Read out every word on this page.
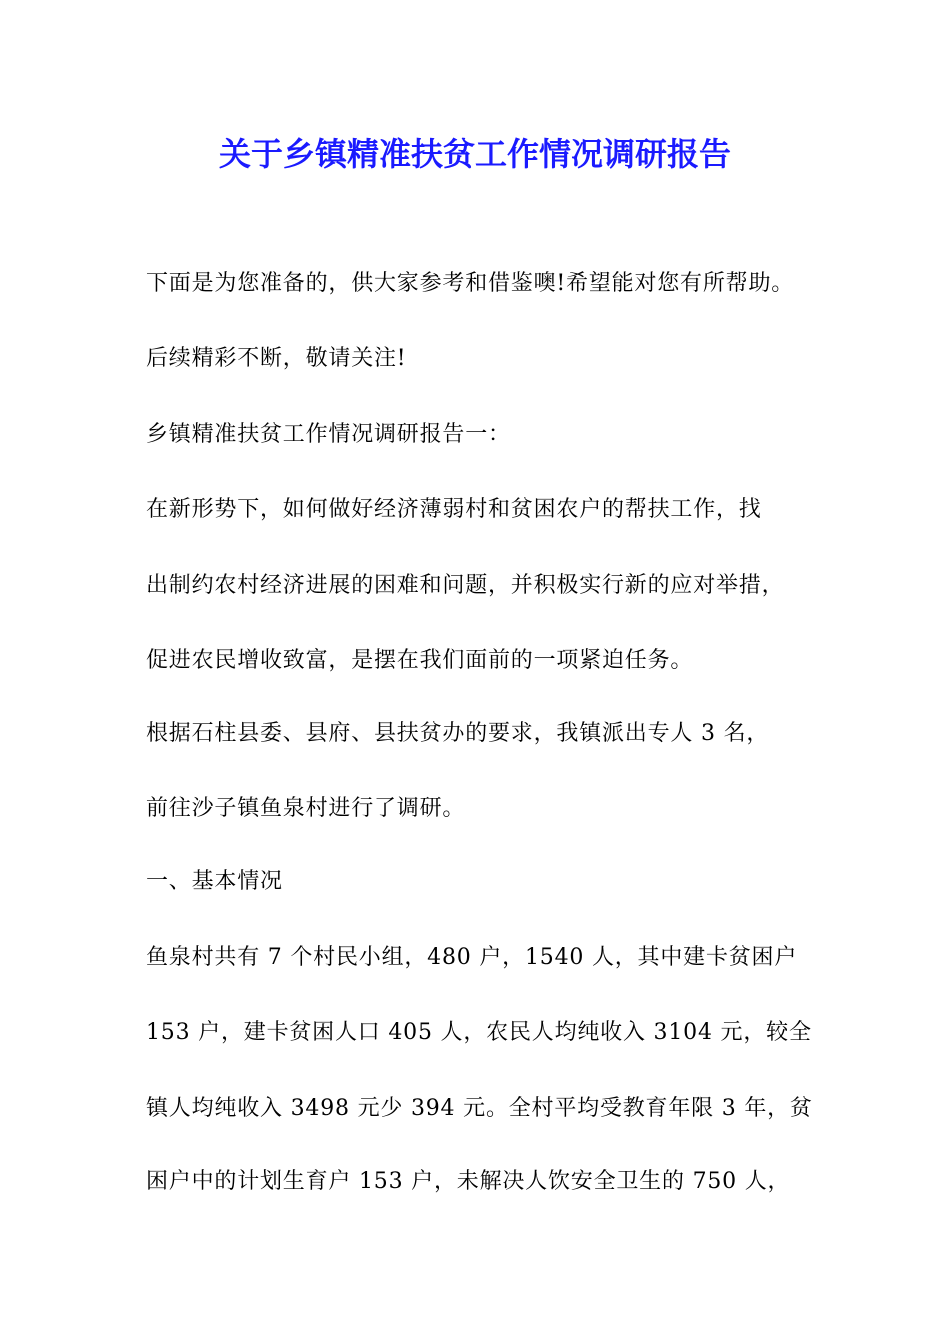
关于乡镇精准扶贫工作情况调研报告

下面是为您准备的，供大家参考和借鉴噢!希望能对您有所帮助。

后续精彩不断，敬请关注!

乡镇精准扶贫工作情况调研报告一：

在新形势下，如何做好经济薄弱村和贫困农户的帮扶工作，找

出制约农村经济进展的困难和问题，并积极实行新的应对举措，

促进农民增收致富，是摆在我们面前的一项紧迫任务。

根据石柱县委、县府、县扶贫办的要求，我镇派出专人 3 名，

前往沙子镇鱼泉村进行了调研。

一、基本情况

鱼泉村共有 7 个村民小组，480 户，1540 人，其中建卡贫困户

153 户，建卡贫困人口 405 人，农民人均纯收入 3104 元，较全

镇人均纯收入 3498 元少 394 元。全村平均受教育年限 3 年，贫

困户中的计划生育户 153 户，未解决人饮安全卫生的 750 人，
